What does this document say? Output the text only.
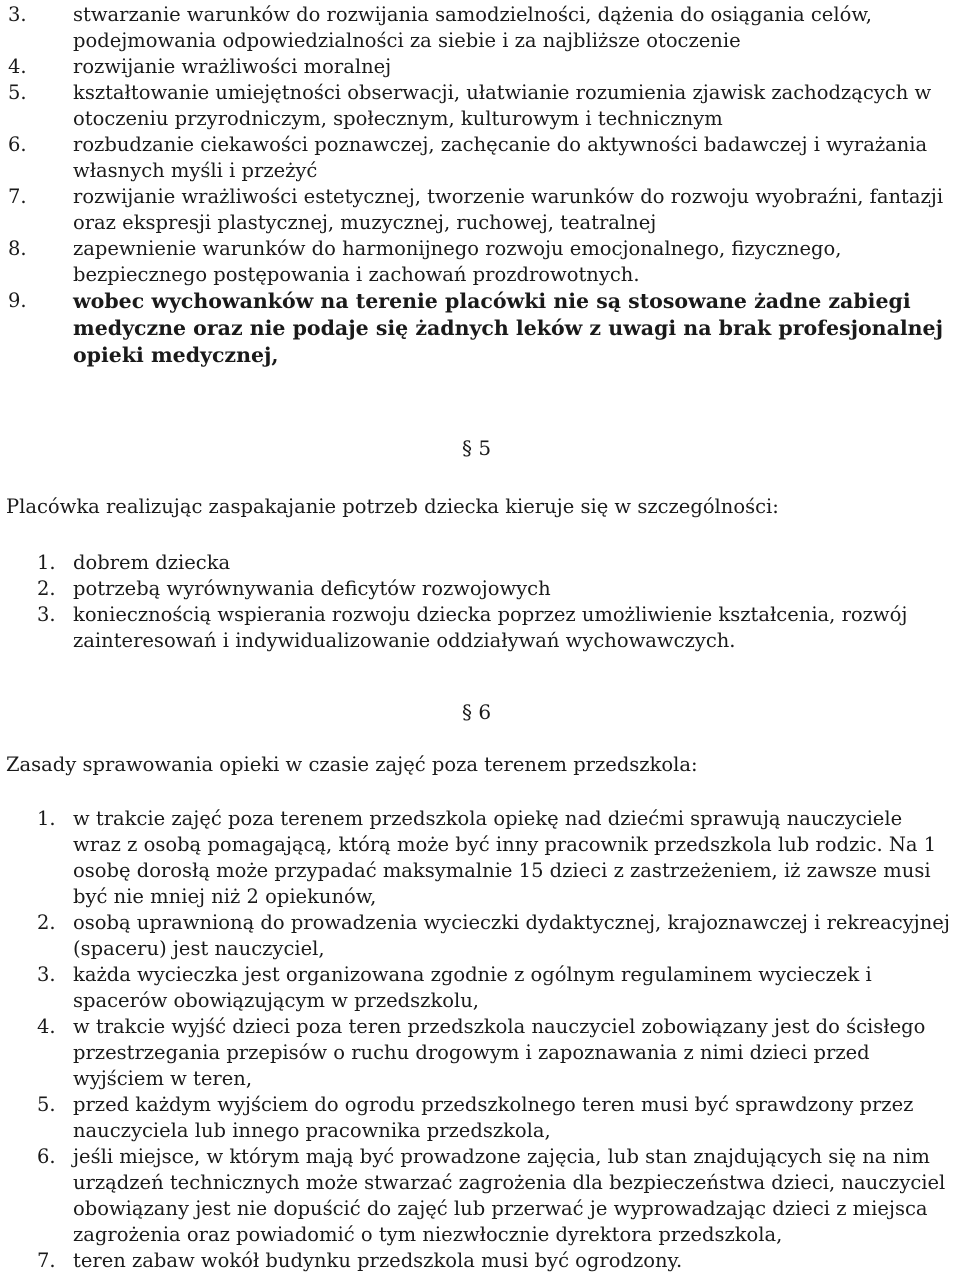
3. stwarzanie warunków do rozwijania samodzielności, dążenia do osiągania celów, podejmowania odpowiedzialności za siebie i za najbliższe otoczenie
4. rozwijanie wrażliwości moralnej
5. kształtowanie umiejętności obserwacji, ułatwianie rozumienia zjawisk zachodzących w otoczeniu przyrodniczym, społecznym, kulturowym i technicznym
6. rozbudzanie ciekawości poznawczej, zachęcanie do aktywności badawczej i wyrażania własnych myśli i przeżyć
7. rozwijanie wrażliwości estetycznej, tworzenie warunków do rozwoju wyobraźni, fantazji oraz ekspresji plastycznej, muzycznej, ruchowej, teatralnej
8. zapewnienie warunków do harmonijnego rozwoju emocjonalnego, fizycznego, bezpiecznego postępowania i zachowań prozdrowotnych.
9. wobec wychowanków na terenie placówki nie są stosowane żadne zabiegi medyczne oraz nie podaje się żadnych leków z uwagi na brak profesjonalnej opieki medycznej,
§ 5
Placówka realizując zaspakajanie potrzeb dziecka kieruje się w szczególności:
1. dobrem dziecka
2. potrzebą wyrównywania deficytów rozwojowych
3. koniecznością wspierania rozwoju dziecka poprzez umożliwienie kształcenia, rozwój zainteresowań i indywidualizowanie oddziaływań wychowawczych.
§ 6
Zasady sprawowania opieki w czasie zajęć poza terenem przedszkola:
1. w trakcie zajęć poza terenem przedszkola opiekę nad dziećmi sprawują nauczyciele wraz z osobą pomagającą, którą może być inny pracownik przedszkola lub rodzic. Na 1 osobę dorosłą może przypadać maksymalnie 15 dzieci z zastrzeżeniem, iż zawsze musi być nie mniej niż 2 opiekunów,
2. osobą uprawnioną do prowadzenia wycieczki dydaktycznej, krajoznawczej i rekreacyjnej (spaceru) jest nauczyciel,
3. każda wycieczka jest organizowana zgodnie z ogólnym regulaminem wycieczek i spacerów obowiązującym w przedszkolu,
4. w trakcie wyjść dzieci poza teren przedszkola nauczyciel zobowiązany jest do ścisłego przestrzegania przepisów o ruchu drogowym i zapoznawania z nimi dzieci przed wyjściem w teren,
5. przed każdym wyjściem do ogrodu przedszkolnego teren musi być sprawdzony przez nauczyciela lub innego pracownika przedszkola,
6. jeśli miejsce, w którym mają być prowadzone zajęcia, lub stan znajdujących się na nim urządzeń technicznych może stwarzać zagrożenia dla bezpieczeństwa dzieci, nauczyciel obowiązany jest nie dopuścić do zajęć lub przerwać je wyprowadzając dzieci z miejsca zagrożenia oraz powiadomić o tym niezwłocznie dyrektora przedszkola,
7. teren zabaw wokół budynku przedszkola musi być ogrodzony.
